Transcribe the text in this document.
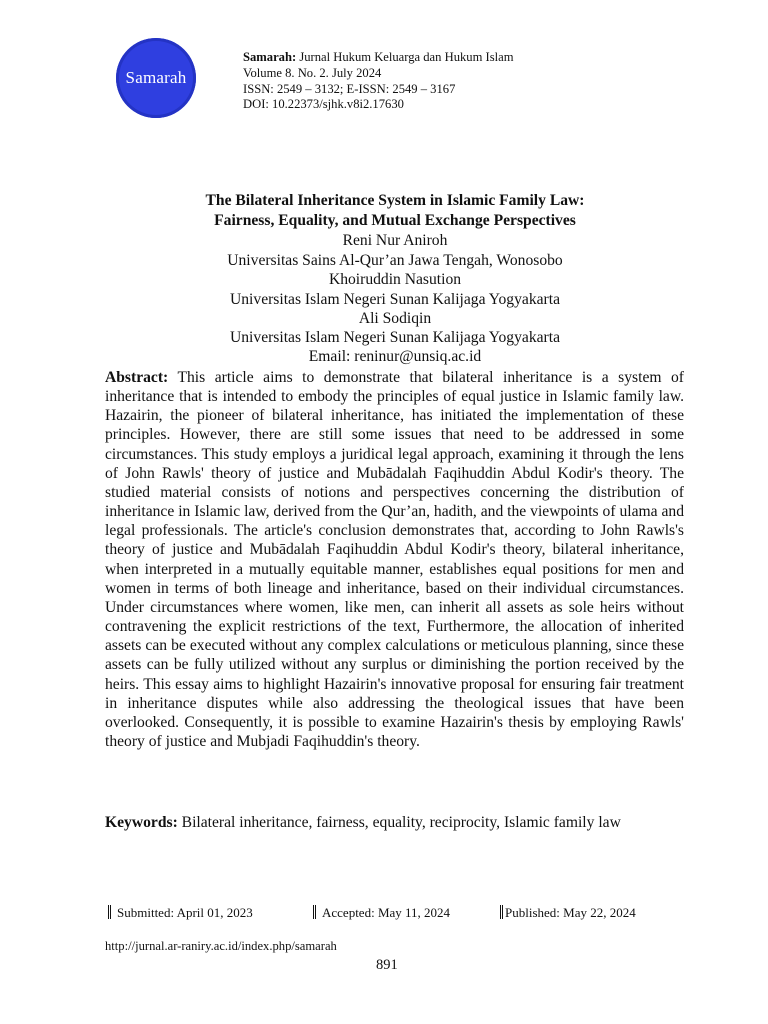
Samarah
Samarah: Jurnal Hukum Keluarga dan Hukum Islam
Volume 8. No. 2. July 2024
ISSN: 2549 – 3132; E-ISSN: 2549 – 3167
DOI: 10.22373/sjhk.v8i2.17630
The Bilateral Inheritance System in Islamic Family Law:
Fairness, Equality, and Mutual Exchange Perspectives
Reni Nur Aniroh
Universitas Sains Al-Qur’an Jawa Tengah, Wonosobo
Khoiruddin Nasution
Universitas Islam Negeri Sunan Kalijaga Yogyakarta
Ali Sodiqin
Universitas Islam Negeri Sunan Kalijaga Yogyakarta
Email: reninur@unsiq.ac.id
Abstract: This article aims to demonstrate that bilateral inheritance is a system of inheritance that is intended to embody the principles of equal justice in Islamic family law. Hazairin, the pioneer of bilateral inheritance, has initiated the implementation of these principles. However, there are still some issues that need to be addressed in some circumstances. This study employs a juridical legal approach, examining it through the lens of John Rawls' theory of justice and Mubādalah Faqihuddin Abdul Kodir's theory. The studied material consists of notions and perspectives concerning the distribution of inheritance in Islamic law, derived from the Qur’an, hadith, and the viewpoints of ulama and legal professionals. The article's conclusion demonstrates that, according to John Rawls's theory of justice and Mubādalah Faqihuddin Abdul Kodir's theory, bilateral inheritance, when interpreted in a mutually equitable manner, establishes equal positions for men and women in terms of both lineage and inheritance, based on their individual circumstances. Under circumstances where women, like men, can inherit all assets as sole heirs without contravening the explicit restrictions of the text, Furthermore, the allocation of inherited assets can be executed without any complex calculations or meticulous planning, since these assets can be fully utilized without any surplus or diminishing the portion received by the heirs. This essay aims to highlight Hazairin's innovative proposal for ensuring fair treatment in inheritance disputes while also addressing the theological issues that have been overlooked. Consequently, it is possible to examine Hazairin's thesis by employing Rawls' theory of justice and Mubjadi Faqihuddin's theory.
Keywords: Bilateral inheritance, fairness, equality, reciprocity, Islamic family law
Submitted: April 01, 2023	Accepted: May 11, 2024	Published: May 22, 2024
http://jurnal.ar-raniry.ac.id/index.php/samarah
891
